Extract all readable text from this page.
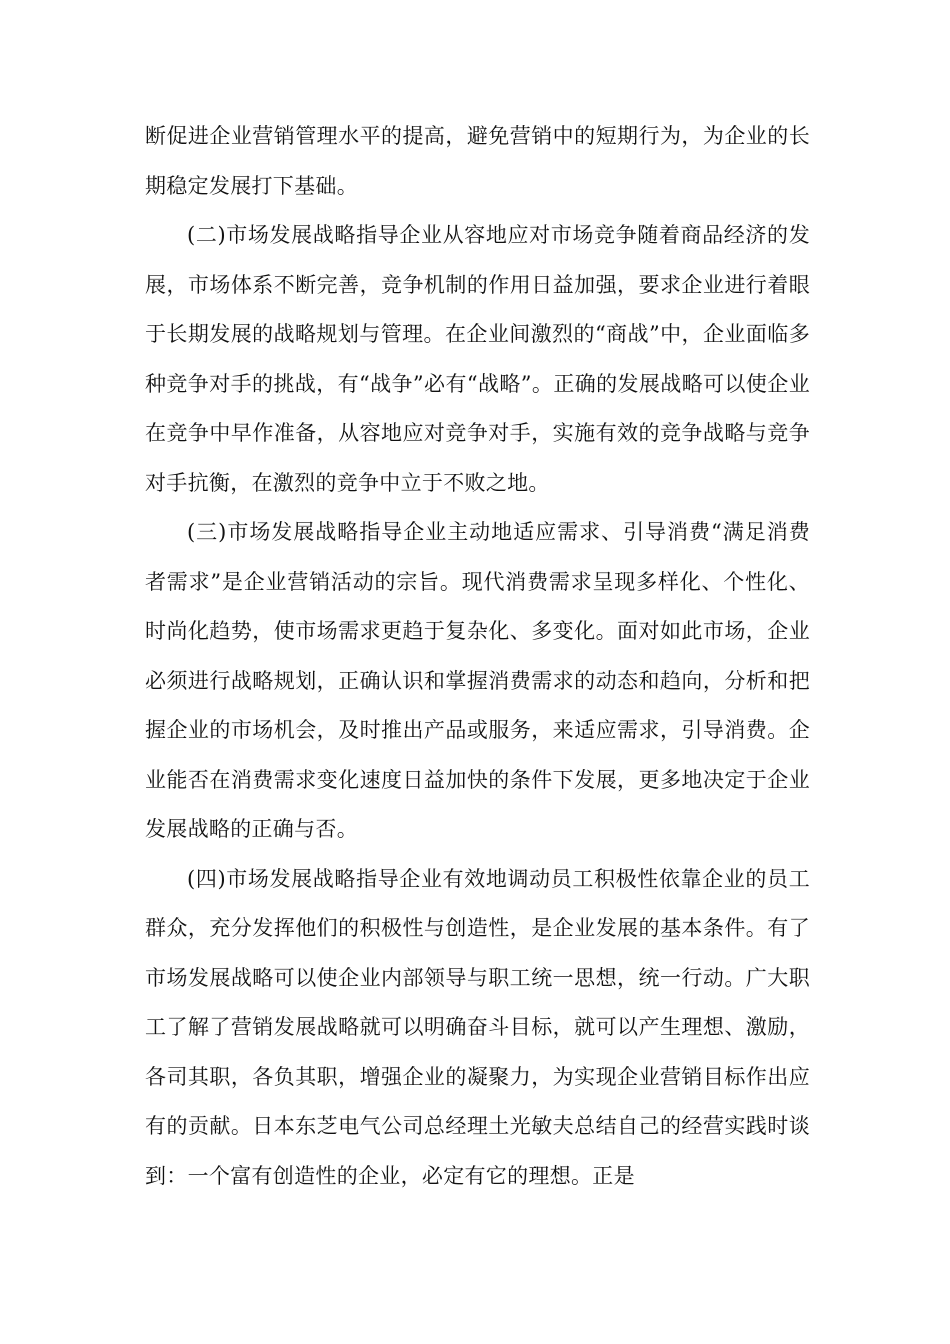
断促进企业营销管理水平的提高，避免营销中的短期行为，为企业的长期稳定发展打下基础。

(二)市场发展战略指导企业从容地应对市场竞争随着商品经济的发展，市场体系不断完善，竞争机制的作用日益加强，要求企业进行着眼于长期发展的战略规划与管理。在企业间激烈的“商战”中，企业面临多种竞争对手的挑战，有“战争”必有“战略”。正确的发展战略可以使企业在竞争中早作准备，从容地应对竞争对手，实施有效的竞争战略与竞争对手抗衡，在激烈的竞争中立于不败之地。

(三)市场发展战略指导企业主动地适应需求、引导消费“满足消费者需求”是企业营销活动的宗旨。现代消费需求呈现多样化、个性化、时尚化趋势，使市场需求更趋于复杂化、多变化。面对如此市场，企业必须进行战略规划，正确认识和掌握消费需求的动态和趋向，分析和把握企业的市场机会，及时推出产品或服务，来适应需求，引导消费。企业能否在消费需求变化速度日益加快的条件下发展，更多地决定于企业发展战略的正确与否。

(四)市场发展战略指导企业有效地调动员工积极性依靠企业的员工群众，充分发挥他们的积极性与创造性，是企业发展的基本条件。有了市场发展战略可以使企业内部领导与职工统一思想，统一行动。广大职工了解了营销发展战略就可以明确奋斗目标，就可以产生理想、激励，各司其职，各负其职，增强企业的凝聚力，为实现企业营销目标作出应有的贡献。日本东芝电气公司总经理土光敏夫总结自己的经营实践时谈到：一个富有创造性的企业，必定有它的理想。正是
